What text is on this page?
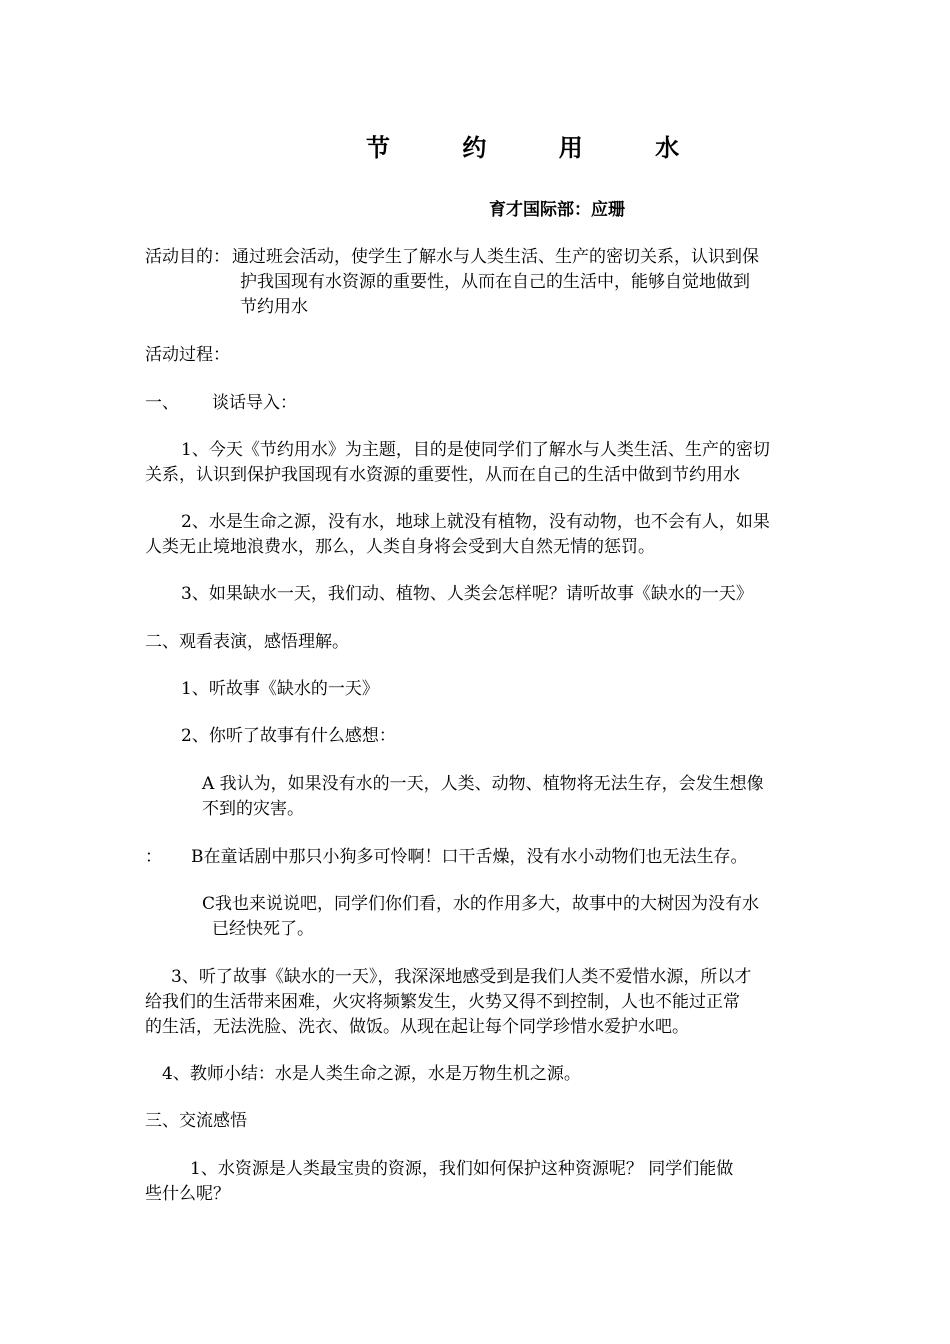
节 约 用 水
育才国际部：应珊
活动目的： 通过班会活动，使学生了解水与人类生活、生产的密切关系，认识到保
护我国现有水资源的重要性，从而在自己的生活中，能够自觉地做到
节约用水
活动过程：
一、 谈话导入：
1、今天《节约用水》为主题，目的是使同学们了解水与人类生活、生产的密切
关系，认识到保护我国现有水资源的重要性，从而在自己的生活中做到节约用水
2、水是生命之源，没有水，地球上就没有植物，没有动物，也不会有人，如果
人类无止境地浪费水，那么，人类自身将会受到大自然无情的惩罚。
3、如果缺水一天，我们动、植物、人类会怎样呢？请听故事《缺水的一天》
二、观看表演，感悟理解。
1、听故事《缺水的一天》
2、你听了故事有什么感想：
A 我认为，如果没有水的一天，人类、动物、植物将无法生存，会发生想像
不到的灾害。
： B在童话剧中那只小狗多可怜啊！口干舌燥，没有水小动物们也无法生存。
C我也来说说吧，同学们你们看，水的作用多大，故事中的大树因为没有水
已经快死了。
3、听了故事《缺水的一天》，我深深地感受到是我们人类不爱惜水源，所以才
给我们的生活带来困难，火灾将频繁发生，火势又得不到控制，人也不能过正常
的生活，无法洗脸、洗衣、做饭。从现在起让每个同学珍惜水爱护水吧。
4、教师小结：水是人类生命之源，水是万物生机之源。
三、交流感悟
1、水资源是人类最宝贵的资源，我们如何保护这种资源呢？ 同学们能做
些什么呢？
